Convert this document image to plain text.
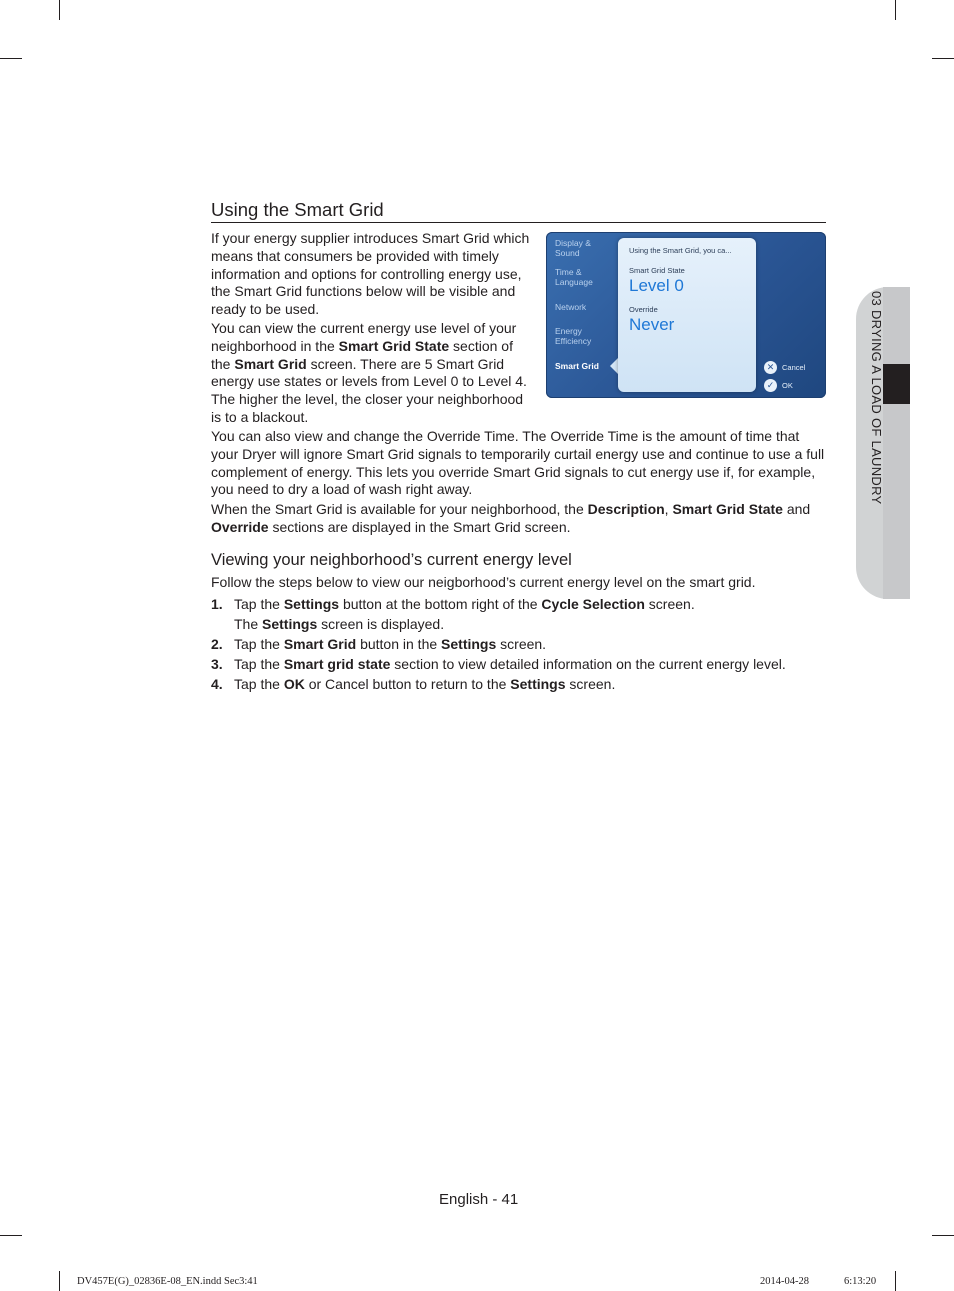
Using the Smart Grid

If your energy supplier introduces Smart Grid which means that consumers be provided with timely information and options for controlling energy use, the Smart Grid functions below will be visible and ready to be used.

You can view the current energy use level of your neighborhood in the Smart Grid State section of the Smart Grid screen. There are 5 Smart Grid energy use states or levels from Level 0 to Level 4. The higher the level, the closer your neighborhood is to a blackout.

You can also view and change the Override Time. The Override Time is the amount of time that your Dryer will ignore Smart Grid signals to temporarily curtail energy use and continue to use a full complement of energy. This lets you override Smart Grid signals to cut energy use if, for example, you need to dry a load of wash right away.

When the Smart Grid is available for your neighborhood, the Description, Smart Grid State and Override sections are displayed in the Smart Grid screen.

Display &
Sound
Time &
Language
Network
Energy
Efficiency
Smart Grid
Using the Smart Grid, you ca...
Smart Grid State
Level 0
Override
Never
✕	Cancel
✓	OK
Viewing your neighborhood’s current energy level

Follow the steps below to view our neigborhood’s current energy level on the smart grid.

1. Tap the Settings button at the bottom right of the Cycle Selection screen.
The Settings screen is displayed.
2. Tap the Smart Grid button in the Settings screen.
3. Tap the Smart grid state section to view detailed information on the current energy level.
4. Tap the OK or Cancel button to return to the Settings screen.
03 DRYING A LOAD OF LAUNDRY
English - 41
DV457E(G)_02836E-08_EN.indd Sec3:41	2014-04-28	6:13:20
